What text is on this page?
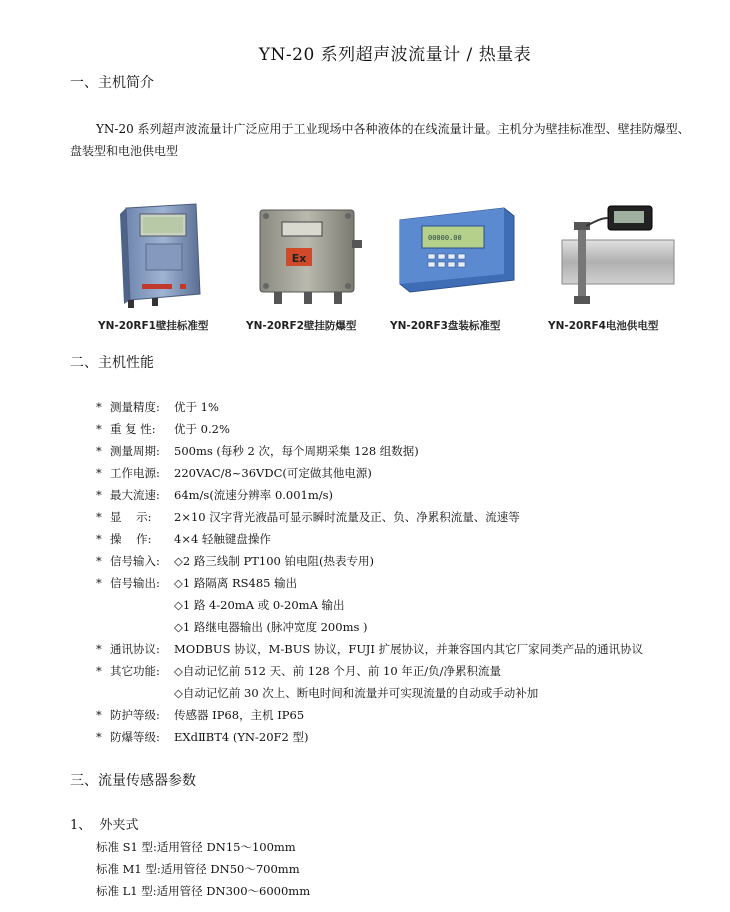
YN-20 系列超声波流量计 / 热量表
一、主机简介
YN-20 系列超声波流量计广泛应用于工业现场中各种液体的在线流量计量。主机分为壁挂标准型、壁挂防爆型、盘装型和电池供电型
YN-20RF1壁挂标准型
Ex
YN-20RF2壁挂防爆型
00000.00
YN-20RF3盘装标准型	YN-20RF4电池供电型
二、主机性能
* 测量精度: 优于 1%
* 重 复 性: 优于 0.2%
* 测量周期: 500ms (每秒 2 次，每个周期采集 128 组数据)
* 工作电源: 220VAC/8~36VDC(可定做其他电源)
* 最大流速: 64m/s(流速分辨率 0.001m/s)
* 显    示: 2×10 汉字背光液晶可显示瞬时流量及正、负、净累积流量、流速等
* 操    作: 4×4 轻触键盘操作
* 信号输入: ◇2 路三线制 PT100 铂电阻(热表专用)
* 信号输出: ◇1 路隔离 RS485 输出
◇1 路 4-20mA 或 0-20mA 输出
◇1 路继电器输出 (脉冲宽度 200ms )
* 通讯协议: MODBUS 协议，M-BUS 协议，FUJI 扩展协议，并兼容国内其它厂家同类产品的通讯协议
* 其它功能: ◇自动记忆前 512 天、前 128 个月、前 10 年正/负/净累积流量
◇自动记忆前 30 次上、断电时间和流量并可实现流量的自动或手动补加
* 防护等级: 传感器 IP68，主机 IP65
* 防爆等级: EXdⅡBT4 (YN-20F2 型)
三、流量传感器参数
1、  外夹式
标准 S1 型:适用管径 DN15～100mm
标准 M1 型:适用管径 DN50～700mm
标准 L1 型:适用管径 DN300～6000mm
